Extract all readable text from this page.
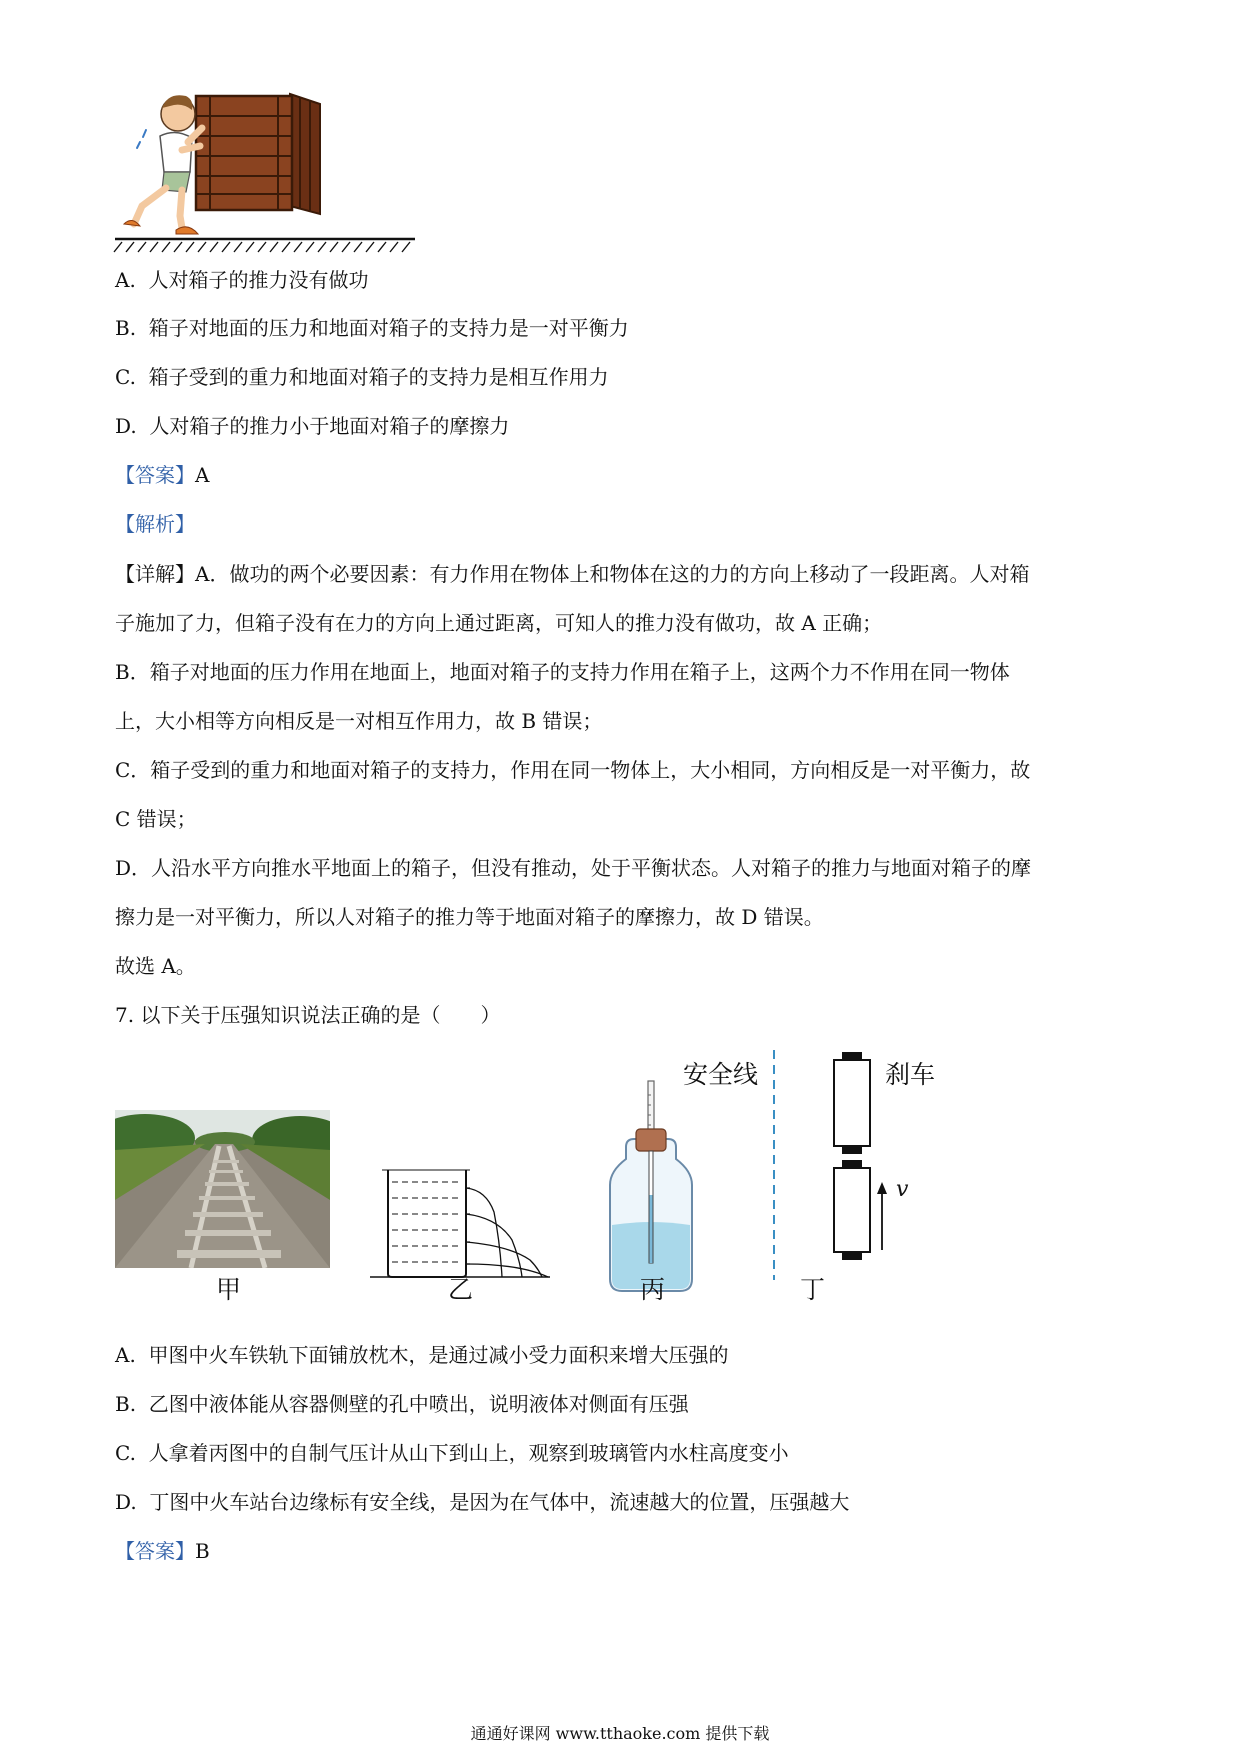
A. 人对箱子的推力没有做功
B. 箱子对地面的压力和地面对箱子的支持力是一对平衡力
C. 箱子受到的重力和地面对箱子的支持力是相互作用力
D. 人对箱子的推力小于地面对箱子的摩擦力
【答案】A
【解析】
【详解】A．做功的两个必要因素：有力作用在物体上和物体在这的力的方向上移动了一段距离。人对箱
子施加了力，但箱子没有在力的方向上通过距离，可知人的推力没有做功，故 A 正确；
B．箱子对地面的压力作用在地面上，地面对箱子的支持力作用在箱子上，这两个力不作用在同一物体
上，大小相等方向相反是一对相互作用力，故 B 错误；
C．箱子受到的重力和地面对箱子的支持力，作用在同一物体上，大小相同，方向相反是一对平衡力，故
C 错误；
D．人沿水平方向推水平地面上的箱子，但没有推动，处于平衡状态。人对箱子的推力与地面对箱子的摩
擦力是一对平衡力，所以人对箱子的推力等于地面对箱子的摩擦力，故 D 错误。
故选 A。
7. 以下关于压强知识说法正确的是（　　）
安全线	刹车
v
甲	乙	丙	丁
A. 甲图中火车铁轨下面铺放枕木，是通过减小受力面积来增大压强的
B. 乙图中液体能从容器侧壁的孔中喷出，说明液体对侧面有压强
C. 人拿着丙图中的自制气压计从山下到山上，观察到玻璃管内水柱高度变小
D. 丁图中火车站台边缘标有安全线，是因为在气体中，流速越大的位置，压强越大
【答案】B
通通好课网 www.tthaoke.com 提供下载
